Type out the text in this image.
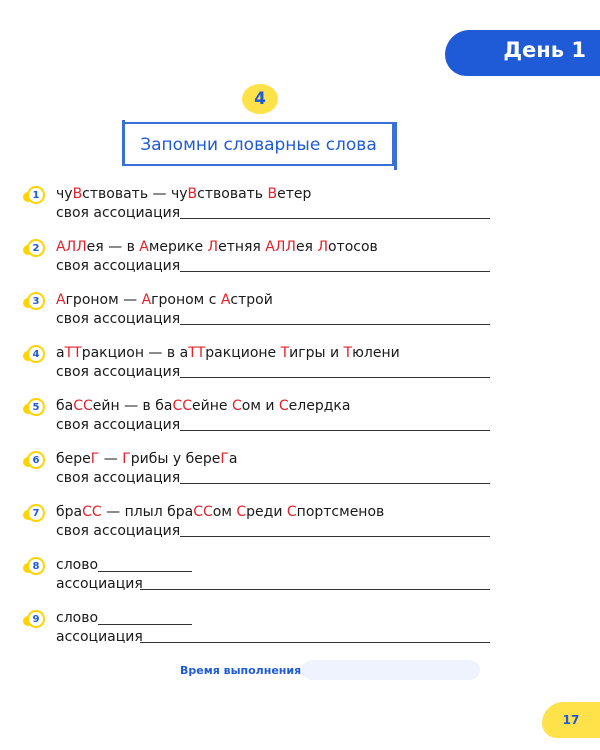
День 1
4
Запомни словарные слова
1	чуВствовать — чуВствовать Ветер
своя ассоциация
2	АЛЛея — в Америке Летняя АЛЛея Лотосов
своя ассоциация
3	Агроном — Агроном с Астрой
своя ассоциация
4	аТТракцион — в аТТракционе Тигры и Тюлени
своя ассоциация
5	баССейн — в баССейне Сом и Селердка
своя ассоциация
6	береГ — Грибы у береГа
своя ассоциация
7	браСС — плыл браССом Среди Спортсменов
своя ассоциация
8	слово
ассоциация
9	слово
ассоциация
Время выполнения
17
